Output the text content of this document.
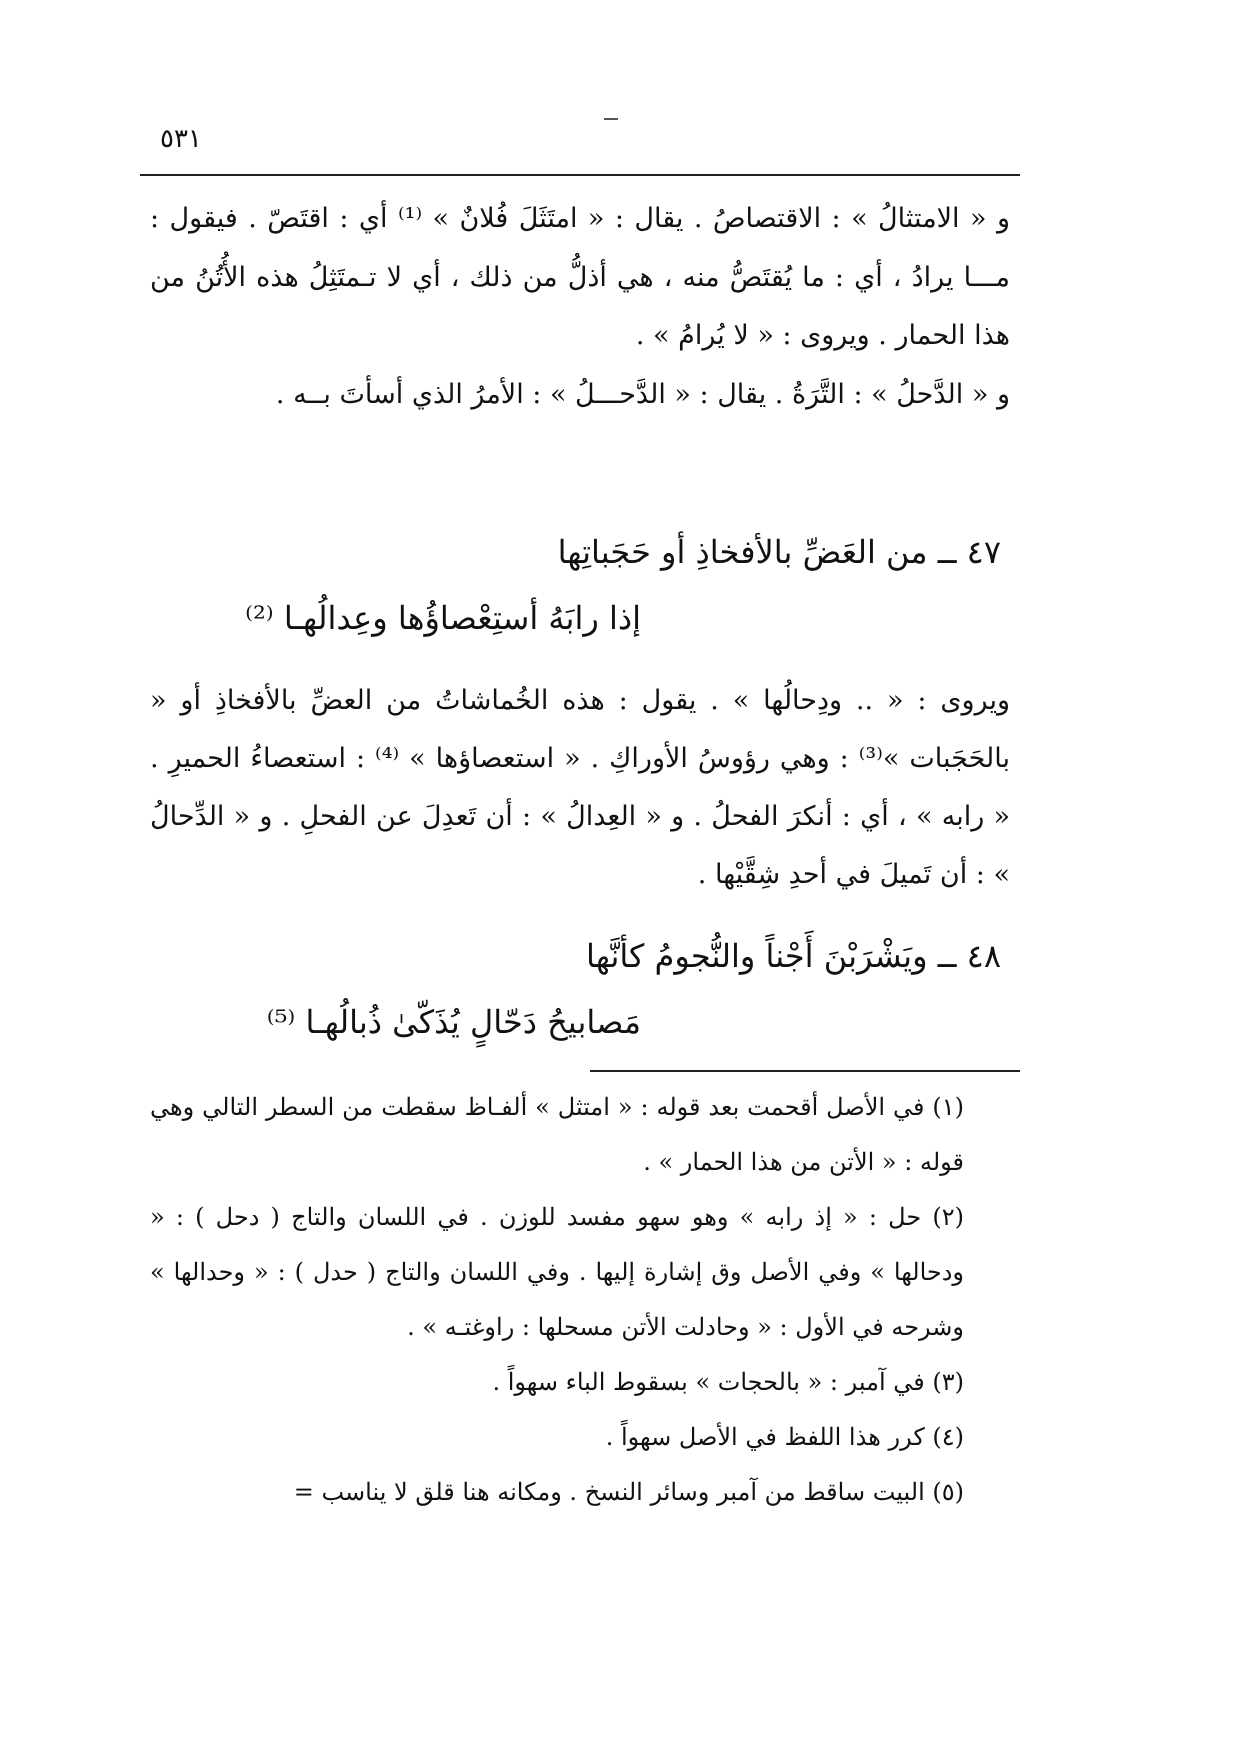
٥٣١

و « الامتثالُ » : الاقتصاصُ . يقال : « امتَثَلَ فُلانٌ » ⁽¹⁾ أي : اقتَصّ . فيقول : مـــا يرادُ ، أي : ما يُقتَصُّ منه ، هي أذلُّ من ذلك ، أي لا تـمتَثِلُ هذه الأُتُنُ من هذا الحمار . ويروى : « لا يُرامُ » .

و « الدَّحلُ » : التَّرَةُ . يقال : « الدَّحـــلُ » : الأمرُ الذي أسأتَ بــه .

٤٧ ــ من العَضِّ بالأفخاذِ أو حَجَباتِها
إذا رابَهُ أستِعْصاؤُها وعِدالُهـا ⁽²⁾

ويروى : « .. ودِحالُها » . يقول : هذه الخُماشاتُ من العضِّ بالأفخاذِ أو « بالحَجَبات »⁽³⁾ : وهي رؤوسُ الأوراكِ . « استعصاؤها » ⁽⁴⁾ : استعصاءُ الحميرِ . « رابه » ، أي : أنكرَ الفحلُ . و « العِدالُ » : أن تَعدِلَ عن الفحلِ . و « الدِّحالُ » : أن تَميلَ في أحدِ شِقَّيْها .

٤٨ ــ ويَشْرَبْنَ أَجْناً والنُّجومُ كأنَّها
مَصابيحُ دَحّالٍ يُذَكّىٰ ذُبالُهـا ⁽⁵⁾

(١) في الأصل أقحمت بعد قوله : « امتثل » ألفـاظ سقطت من السطر التالي وهي قوله : « الأتن من هذا الحمار » .

(٢) حل : « إذ رابه » وهو سهو مفسد للوزن . في اللسان والتاج ( دحل ) : « ودحالها » وفي الأصل وق إشارة إليها . وفي اللسان والتاج ( حدل ) : « وحدالها » وشرحه في الأول : « وحادلت الأتن مسحلها : راوغتـه » .

(٣) في آمبر : « بالحجات » بسقوط الباء سهواً .

(٤) كرر هذا اللفظ في الأصل سهواً .

(٥) البيت ساقط من آمبر وسائر النسخ . ومكانه هنا قلق لا يناسب =
